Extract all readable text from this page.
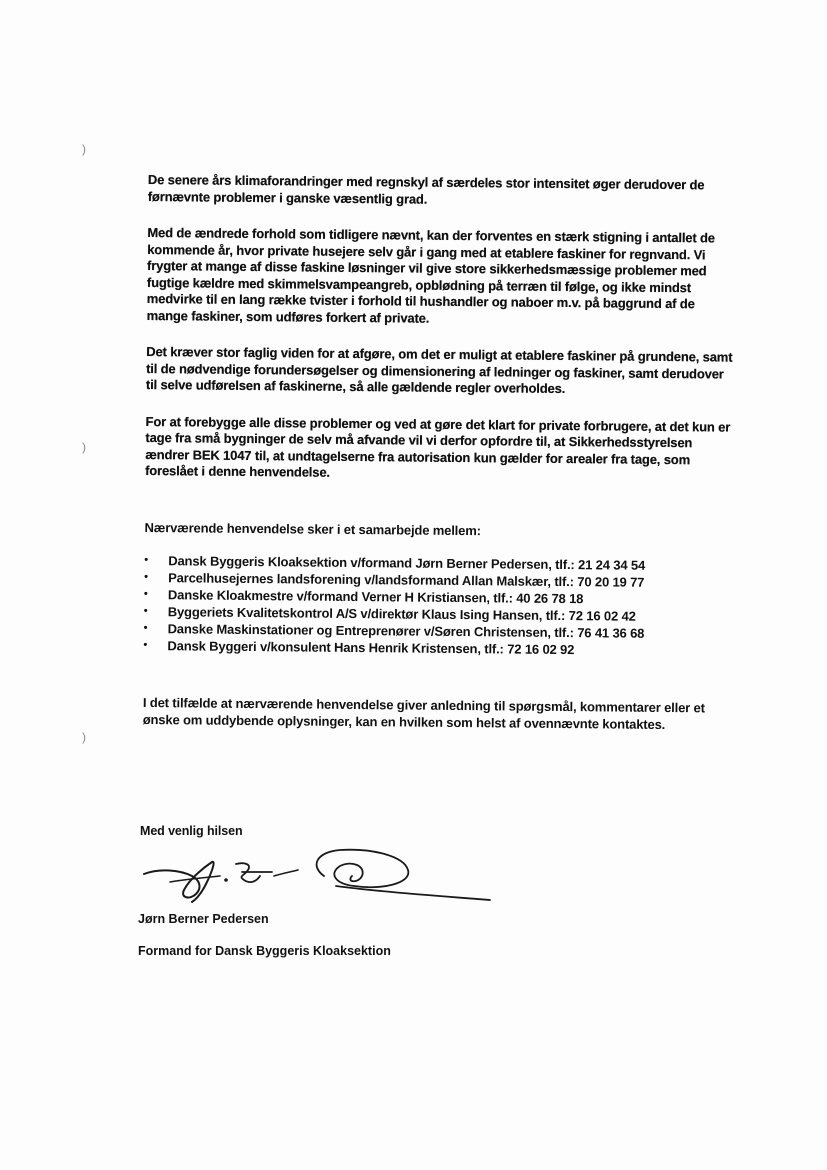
)
)
)

De senere års klimaforandringer med regnskyl af særdeles stor intensitet øger derudover de førnævnte problemer i ganske væsentlig grad.

Med de ændrede forhold som tidligere nævnt, kan der forventes en stærk stigning i antallet de kommende år, hvor private husejere selv går i gang med at etablere faskiner for regnvand. Vi frygter at mange af disse faskine løsninger vil give store sikkerhedsmæssige problemer med fugtige kældre med skimmelsvampeangreb, opblødning på terræn til følge, og ikke mindst medvirke til en lang række tvister i forhold til hushandler og naboer m.v. på baggrund af de mange faskiner, som udføres forkert af private.

Det kræver stor faglig viden for at afgøre, om det er muligt at etablere faskiner på grundene, samt til de nødvendige forundersøgelser og dimensionering af ledninger og faskiner, samt derudover til selve udførelsen af faskinerne, så alle gældende regler overholdes.

For at forebygge alle disse problemer og ved at gøre det klart for private forbrugere, at det kun er tage fra små bygninger de selv må afvande vil vi derfor opfordre til, at Sikkerhedsstyrelsen ændrer BEK 1047 til, at undtagelserne fra autorisation kun gælder for arealer fra tage, som foreslået i denne henvendelse.

Nærværende henvendelse sker i et samarbejde mellem:

• Dansk Byggeris Kloaksektion v/formand Jørn Berner Pedersen, tlf.: 21 24 34 54
• Parcelhusejernes landsforening v/landsformand Allan Malskær, tlf.: 70 20 19 77
• Danske Kloakmestre v/formand Verner H Kristiansen, tlf.: 40 26 78 18
• Byggeriets Kvalitetskontrol A/S v/direktør Klaus Ising Hansen, tlf.: 72 16 02 42
• Danske Maskinstationer og Entreprenører v/Søren Christensen, tlf.: 76 41 36 68
• Dansk Byggeri v/konsulent Hans Henrik Kristensen, tlf.: 72 16 02 92

I det tilfælde at nærværende henvendelse giver anledning til spørgsmål, kommentarer eller et ønske om uddybende oplysninger, kan en hvilken som helst af ovennævnte kontaktes.

Med venlig hilsen
Jørn Berner Pedersen
Formand for Dansk Byggeris Kloaksektion
